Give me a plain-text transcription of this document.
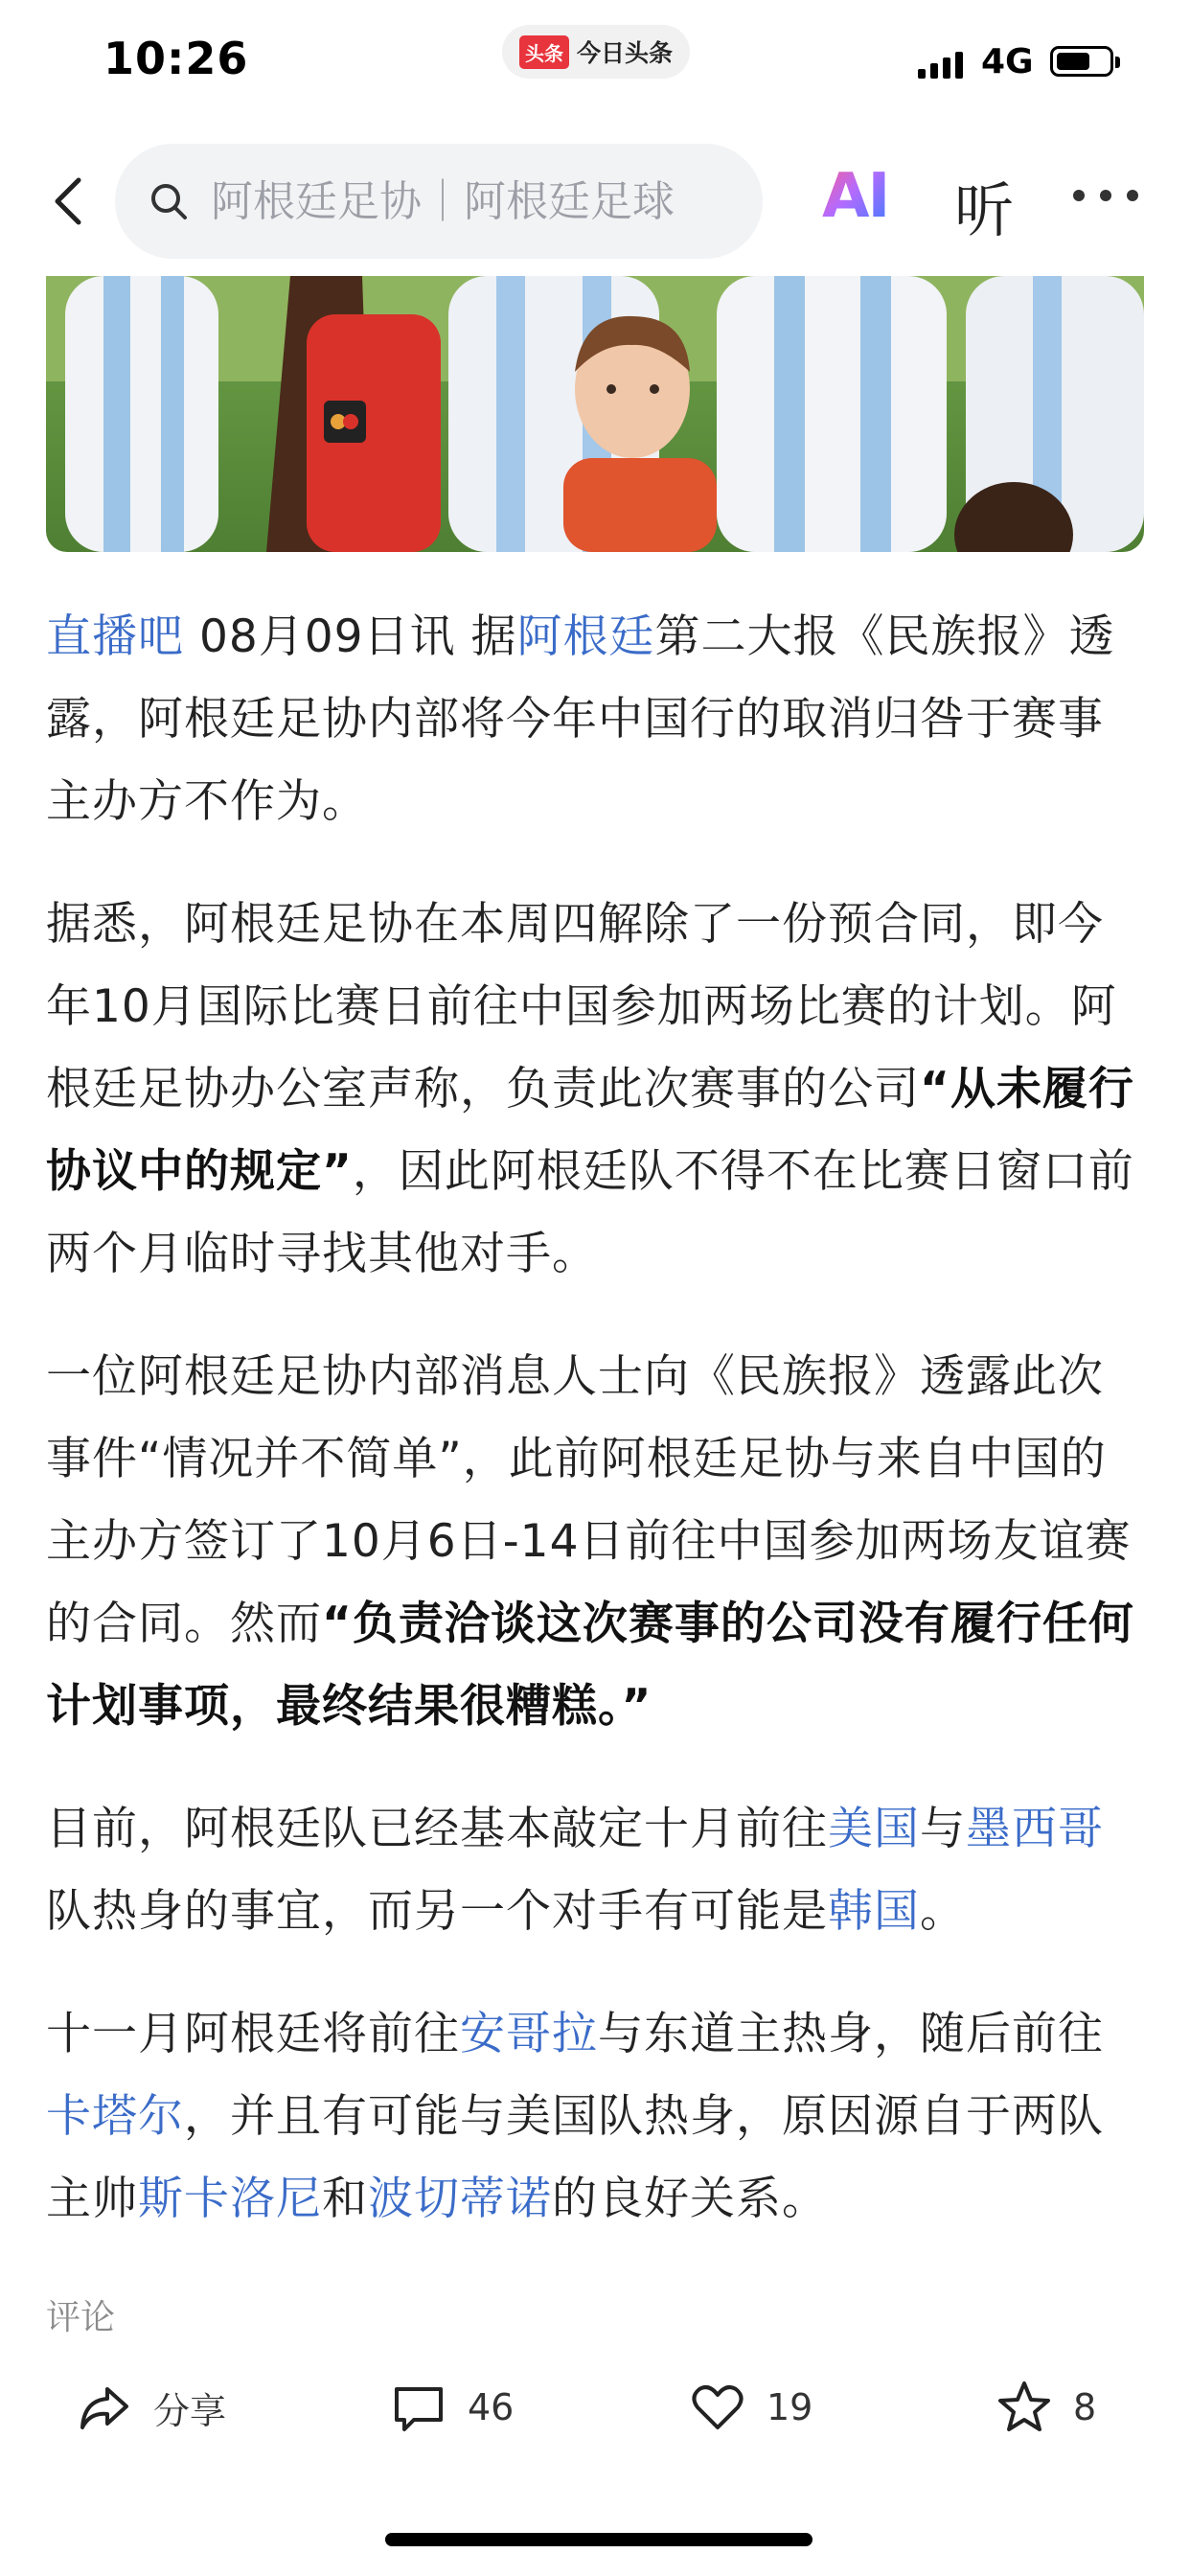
10:26	头条 今日头条	4G
阿根廷足协｜阿根廷足球
AI 听

直播吧 08月09日讯 据阿根廷第二大报《民族报》透露，阿根廷足协内部将今年中国行的取消归咎于赛事主办方不作为。

据悉，阿根廷足协在本周四解除了一份预合同，即今年10月国际比赛日前往中国参加两场比赛的计划。阿根廷足协办公室声称，负责此次赛事的公司“从未履行协议中的规定”，因此阿根廷队不得不在比赛日窗口前两个月临时寻找其他对手。

一位阿根廷足协内部消息人士向《民族报》透露此次事件“情况并不简单”，此前阿根廷足协与来自中国的主办方签订了10月6日-14日前往中国参加两场友谊赛的合同。然而“负责洽谈这次赛事的公司没有履行任何计划事项，最终结果很糟糕。”

目前，阿根廷队已经基本敲定十月前往美国与墨西哥队热身的事宜，而另一个对手有可能是韩国。

十一月阿根廷将前往安哥拉与东道主热身，随后前往卡塔尔，并且有可能与美国队热身，原因源自于两队主帅斯卡洛尼和波切蒂诺的良好关系。

评论
分享	46	19	8
